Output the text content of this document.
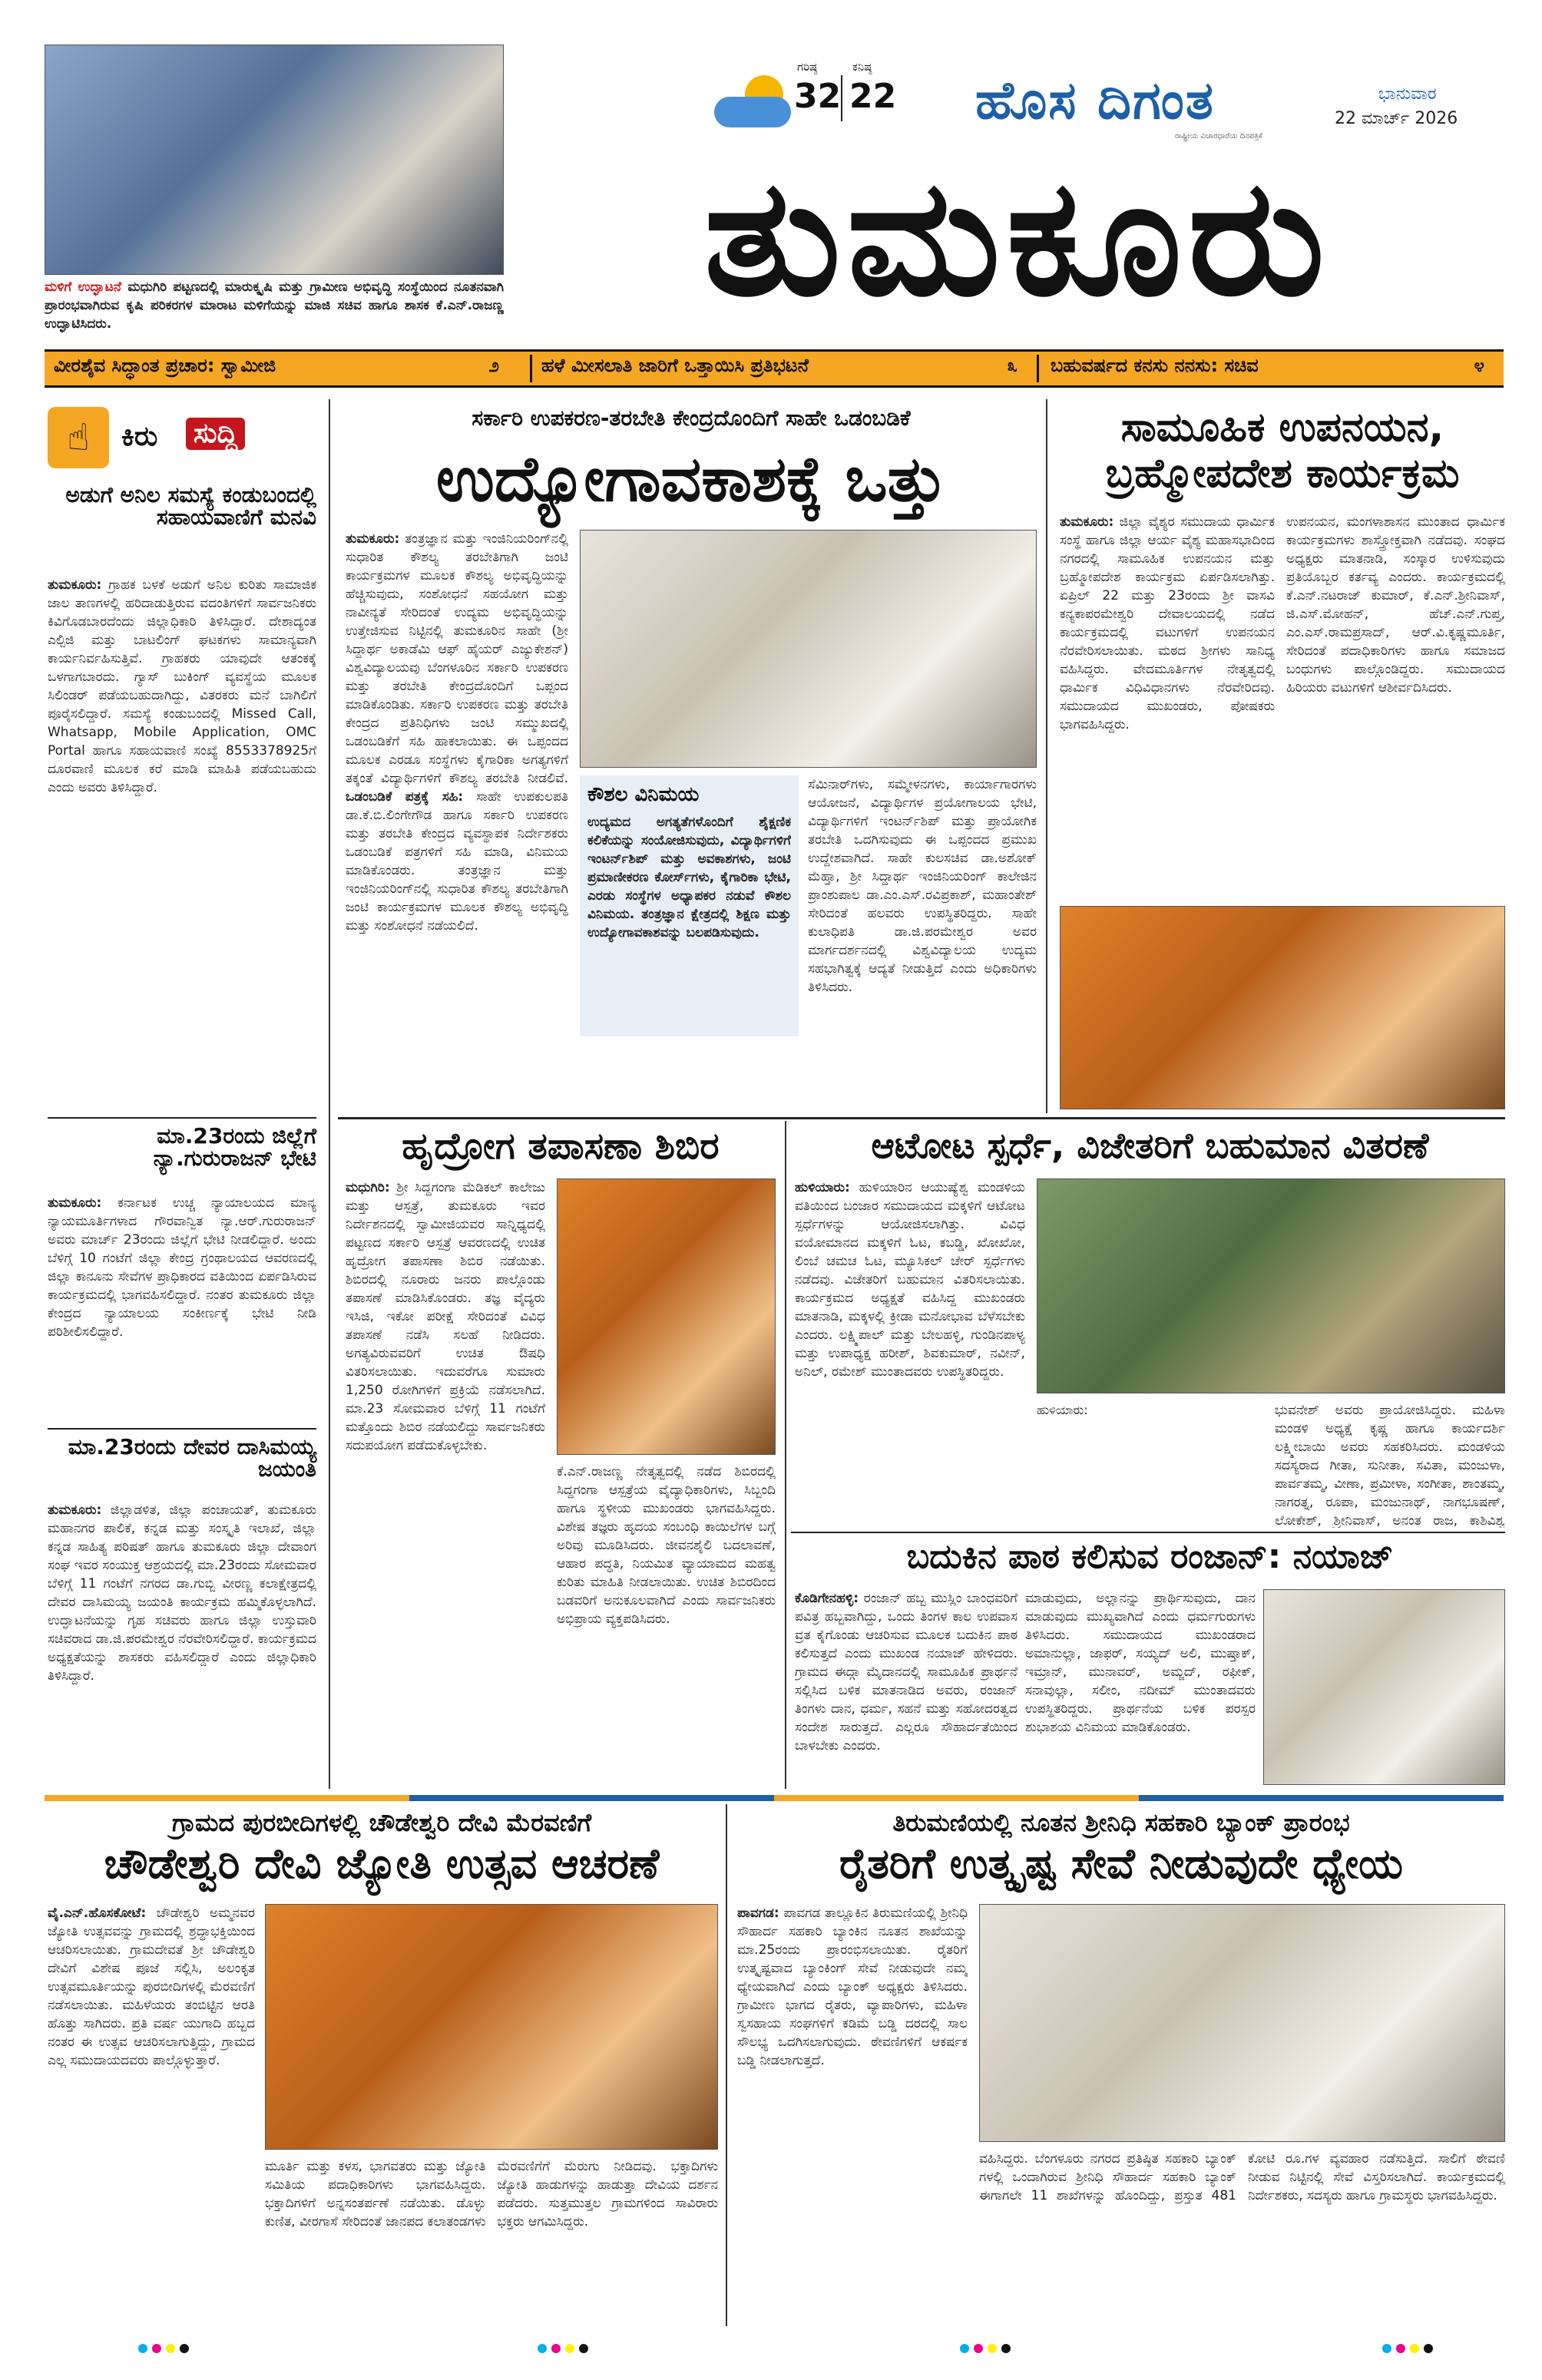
ಮಳಿಗೆ ಉದ್ಘಾಟನೆ ಮಧುಗಿರಿ ಪಟ್ಟಣದಲ್ಲಿ ಮಾರುಕ್ಕೃಷಿ ಮತ್ತು ಗ್ರಾಮೀಣ ಅಭಿವೃದ್ಧಿ ಸಂಸ್ಥೆಯಿಂದ ನೂತನವಾಗಿ ಪ್ರಾರಂಭವಾಗಿರುವ ಕೃಷಿ ಪರಿಕರಗಳ ಮಾರಾಟ ಮಳಿಗೆಯನ್ನು ಮಾಜಿ ಸಚಿವ ಹಾಗೂ ಶಾಸಕ ಕೆ.ಎನ್.ರಾಜಣ್ಣ ಉದ್ಘಾಟಿಸಿದರು.
ಗರಿಷ್ಠ
32
ಕನಿಷ್ಠ
22 ಹೊಸ ದಿಗಂತ
ರಾಷ್ಟ್ರೀಯ ವಿಚಾರಧಾರೆಯ ದಿನಪತ್ರಿಕೆ
ಭಾನುವಾರ
22 ಮಾರ್ಚ್ 2026
ತುಮಕೂರು
ವೀರಶೈವ ಸಿದ್ಧಾಂತ ಪ್ರಚಾರ: ಸ್ವಾಮೀಜಿ	೨ ಹಳೆ ಮೀಸಲಾತಿ ಜಾರಿಗೆ ಒತ್ತಾಯಿಸಿ ಪ್ರತಿಭಟನೆ	೩ ಬಹುವರ್ಷದ ಕನಸು ನನಸು: ಸಚಿವ	೪
☝	ಕಿರು ಸುದ್ದಿ
ಅಡುಗೆ ಅನಿಲ ಸಮಸ್ಯೆ ಕಂಡುಬಂದಲ್ಲಿ ಸಹಾಯವಾಣಿಗೆ ಮನವಿ
ತುಮಕೂರು: ಗ್ರಾಹಕ ಬಳಕೆ ಅಡುಗೆ ಅನಿಲ ಕುರಿತು ಸಾಮಾಜಿಕ ಜಾಲ ತಾಣಗಳಲ್ಲಿ ಹರಿದಾಡುತ್ತಿರುವ ವದಂತಿಗಳಿಗೆ ಸಾರ್ವಜನಿಕರು ಕಿವಿಗೊಡಬಾರದೆಂದು ಜಿಲ್ಲಾಧಿಕಾರಿ ತಿಳಿಸಿದ್ದಾರೆ. ದೇಶಾದ್ಯಂತ ಎಲ್ಪಿಜಿ ಮತ್ತು ಬಾಟಲಿಂಗ್ ಘಟಕಗಳು ಸಾಮಾನ್ಯವಾಗಿ ಕಾರ್ಯನಿರ್ವಹಿಸುತ್ತಿವೆ. ಗ್ರಾಹಕರು ಯಾವುದೇ ಆತಂಕಕ್ಕೆ ಒಳಗಾಗಬಾರದು. ಗ್ಯಾಸ್ ಬುಕಿಂಗ್ ವ್ಯವಸ್ಥೆಯ ಮೂಲಕ ಸಿಲಿಂಡರ್ ಪಡೆಯಬಹುದಾಗಿದ್ದು, ವಿತರಕರು ಮನೆ ಬಾಗಿಲಿಗೆ ಪೂರೈಸಲಿದ್ದಾರೆ. ಸಮಸ್ಯೆ ಕಂಡುಬಂದಲ್ಲಿ Missed Call, Whatsapp, Mobile Application, OMC Portal ಹಾಗೂ ಸಹಾಯವಾಣಿ ಸಂಖ್ಯೆ 8553378925ಗೆ ದೂರವಾಣಿ ಮೂಲಕ ಕರೆ ಮಾಡಿ ಮಾಹಿತಿ ಪಡೆಯಬಹುದು ಎಂದು ಅವರು ತಿಳಿಸಿದ್ದಾರೆ.
ಮಾ.23ರಂದು ಜಿಲ್ಲೆಗೆ ನ್ಯಾ.ಗುರುರಾಜನ್ ಭೇಟಿ
ತುಮಕೂರು: ಕರ್ನಾಟಕ ಉಚ್ಚ ನ್ಯಾಯಾಲಯದ ಮಾನ್ಯ ನ್ಯಾಯಮೂರ್ತಿಗಳಾದ ಗೌರವಾನ್ವಿತ ನ್ಯಾ.ಆರ್.ಗುರುರಾಜನ್ ಅವರು ಮಾರ್ಚ್ 23ರಂದು ಜಿಲ್ಲೆಗೆ ಭೇಟಿ ನೀಡಲಿದ್ದಾರೆ. ಅಂದು ಬೆಳಿಗ್ಗೆ 10 ಗಂಟೆಗೆ ಜಿಲ್ಲಾ ಕೇಂದ್ರ ಗ್ರಂಥಾಲಯದ ಆವರಣದಲ್ಲಿ ಜಿಲ್ಲಾ ಕಾನೂನು ಸೇವೆಗಳ ಪ್ರಾಧಿಕಾರದ ವತಿಯಿಂದ ಏರ್ಪಡಿಸಿರುವ ಕಾರ್ಯಕ್ರಮದಲ್ಲಿ ಭಾಗವಹಿಸಲಿದ್ದಾರೆ. ನಂತರ ತುಮಕೂರು ಜಿಲ್ಲಾ ಕೇಂದ್ರದ ನ್ಯಾಯಾಲಯ ಸಂಕೀರ್ಣಕ್ಕೆ ಭೇಟಿ ನೀಡಿ ಪರಿಶೀಲಿಸಲಿದ್ದಾರೆ.
ಮಾ.23ರಂದು ದೇವರ ದಾಸಿಮಯ್ಯ ಜಯಂತಿ
ತುಮಕೂರು: ಜಿಲ್ಲಾಡಳಿತ, ಜಿಲ್ಲಾ ಪಂಚಾಯತ್, ತುಮಕೂರು ಮಹಾನಗರ ಪಾಲಿಕೆ, ಕನ್ನಡ ಮತ್ತು ಸಂಸ್ಕೃತಿ ಇಲಾಖೆ, ಜಿಲ್ಲಾ ಕನ್ನಡ ಸಾಹಿತ್ಯ ಪರಿಷತ್ ಹಾಗೂ ತುಮಕೂರು ಜಿಲ್ಲಾ ದೇವಾಂಗ ಸಂಘ ಇವರ ಸಂಯುಕ್ತ ಆಶ್ರಯದಲ್ಲಿ ಮಾ.23ರಂದು ಸೋಮವಾರ ಬೆಳಿಗ್ಗೆ 11 ಗಂಟೆಗೆ ನಗರದ ಡಾ.ಗುಬ್ಬಿ ವೀರಣ್ಣ ಕಲಾಕ್ಷೇತ್ರದಲ್ಲಿ ದೇವರ ದಾಸಿಮಯ್ಯ ಜಯಂತಿ ಕಾರ್ಯಕ್ರಮ ಹಮ್ಮಿಕೊಳ್ಳಲಾಗಿದೆ. ಉದ್ಘಾಟನೆಯನ್ನು ಗೃಹ ಸಚಿವರು ಹಾಗೂ ಜಿಲ್ಲಾ ಉಸ್ತುವಾರಿ ಸಚಿವರಾದ ಡಾ.ಜಿ.ಪರಮೇಶ್ವರ ನೆರವೇರಿಸಲಿದ್ದಾರೆ. ಕಾರ್ಯಕ್ರಮದ ಅಧ್ಯಕ್ಷತೆಯನ್ನು ಶಾಸಕರು ವಹಿಸಲಿದ್ದಾರೆ ಎಂದು ಜಿಲ್ಲಾಧಿಕಾರಿ ತಿಳಿಸಿದ್ದಾರೆ.
ಸರ್ಕಾರಿ ಉಪಕರಣ-ತರಬೇತಿ ಕೇಂದ್ರದೊಂದಿಗೆ ಸಾಹೇ ಒಡಂಬಡಿಕೆ
ಉದ್ಯೋಗಾವಕಾಶಕ್ಕೆ ಒತ್ತು
ತುಮಕೂರು: ತಂತ್ರಜ್ಞಾನ ಮತ್ತು ಇಂಜಿನಿಯರಿಂಗ್‌ನಲ್ಲಿ ಸುಧಾರಿತ ಕೌಶಲ್ಯ ತರಬೇತಿಗಾಗಿ ಜಂಟಿ ಕಾರ್ಯಕ್ರಮಗಳ ಮೂಲಕ ಕೌಶಲ್ಯ ಅಭಿವೃದ್ಧಿಯನ್ನು ಹೆಚ್ಚಿಸುವುದು, ಸಂಶೋಧನೆ ಸಹಯೋಗ ಮತ್ತು ನಾವೀನ್ಯತೆ ಸೇರಿದಂತೆ ಉದ್ಯಮ ಅಭಿವೃದ್ಧಿಯನ್ನು ಉತ್ತೇಜಿಸುವ ನಿಟ್ಟಿನಲ್ಲಿ ತುಮಕೂರಿನ ಸಾಹೇ (ಶ್ರೀ ಸಿದ್ದಾರ್ಥ ಅಕಾಡೆಮಿ ಆಫ್ ಹೈಯರ್ ಎಜ್ಯುಕೇಶನ್) ವಿಶ್ವವಿದ್ಯಾಲಯವು ಬೆಂಗಳೂರಿನ ಸರ್ಕಾರಿ ಉಪಕರಣ ಮತ್ತು ತರಬೇತಿ ಕೇಂದ್ರದೊಂದಿಗೆ ಒಪ್ಪಂದ ಮಾಡಿಕೊಂಡಿತು. ಸರ್ಕಾರಿ ಉಪಕರಣ ಮತ್ತು ತರಬೇತಿ ಕೇಂದ್ರದ ಪ್ರತಿನಿಧಿಗಳು ಜಂಟಿ ಸಮ್ಮುಖದಲ್ಲಿ ಒಡಂಬಡಿಕೆಗೆ ಸಹಿ ಹಾಕಲಾಯಿತು. ಈ ಒಪ್ಪಂದದ ಮೂಲಕ ಎರಡೂ ಸಂಸ್ಥೆಗಳು ಕೈಗಾರಿಕಾ ಅಗತ್ಯಗಳಿಗೆ ತಕ್ಕಂತೆ ವಿದ್ಯಾರ್ಥಿಗಳಿಗೆ ಕೌಶಲ್ಯ ತರಬೇತಿ ನೀಡಲಿವೆ. ಒಡಂಬಡಿಕೆ ಪತ್ರಕ್ಕೆ ಸಹಿ: ಸಾಹೇ ಉಪಕುಲಪತಿ ಡಾ.ಕೆ.ಬಿ.ಲಿಂಗೇಗೌಡ ಹಾಗೂ ಸರ್ಕಾರಿ ಉಪಕರಣ ಮತ್ತು ತರಬೇತಿ ಕೇಂದ್ರದ ವ್ಯವಸ್ಥಾಪಕ ನಿರ್ದೇಶಕರು ಒಡಂಬಡಿಕೆ ಪತ್ರಗಳಿಗೆ ಸಹಿ ಮಾಡಿ, ವಿನಿಮಯ ಮಾಡಿಕೊಂಡರು. ತಂತ್ರಜ್ಞಾನ ಮತ್ತು ಇಂಜಿನಿಯರಿಂಗ್‌ನಲ್ಲಿ ಸುಧಾರಿತ ಕೌಶಲ್ಯ ತರಬೇತಿಗಾಗಿ ಜಂಟಿ ಕಾರ್ಯಕ್ರಮಗಳ ಮೂಲಕ ಕೌಶಲ್ಯ ಅಭಿವೃದ್ಧಿ ಮತ್ತು ಸಂಶೋಧನೆ ನಡೆಯಲಿದೆ.
ಕೌಶಲ ವಿನಿಮಯ
ಉದ್ಯಮದ ಅಗತ್ಯತೆಗಳೊಂದಿಗೆ ಶೈಕ್ಷಣಿಕ ಕಲಿಕೆಯನ್ನು ಸಂಯೋಜಿಸುವುದು, ವಿದ್ಯಾರ್ಥಿಗಳಿಗೆ ಇಂಟರ್ನ್‌ಶಿಪ್ ಮತ್ತು ಅವಕಾಶಗಳು, ಜಂಟಿ ಪ್ರಮಾಣೀಕರಣ ಕೋರ್ಸ್‌ಗಳು, ಕೈಗಾರಿಕಾ ಭೇಟಿ, ಎರಡು ಸಂಸ್ಥೆಗಳ ಅಧ್ಯಾಪಕರ ನಡುವೆ ಕೌಶಲ ವಿನಿಮಯ. ತಂತ್ರಜ್ಞಾನ ಕ್ಷೇತ್ರದಲ್ಲಿ ಶಿಕ್ಷಣ ಮತ್ತು ಉದ್ಯೋಗಾವಕಾಶವನ್ನು ಬಲಪಡಿಸುವುದು.
ಸೆಮಿನಾರ್‌ಗಳು, ಸಮ್ಮೇಳನಗಳು, ಕಾರ್ಯಾಗಾರಗಳು ಆಯೋಜನೆ, ವಿದ್ಯಾರ್ಥಿಗಳ ಪ್ರಯೋಗಾಲಯ ಭೇಟಿ, ವಿದ್ಯಾರ್ಥಿಗಳಿಗೆ ಇಂಟರ್ನ್‌ಶಿಪ್ ಮತ್ತು ಪ್ರಾಯೋಗಿಕ ತರಬೇತಿ ಒದಗಿಸುವುದು ಈ ಒಪ್ಪಂದದ ಪ್ರಮುಖ ಉದ್ದೇಶವಾಗಿದೆ. ಸಾಹೇ ಕುಲಸಚಿವ ಡಾ.ಅಶೋಕ್ ಮೆಹ್ತಾ, ಶ್ರೀ ಸಿದ್ದಾರ್ಥ ಇಂಜಿನಿಯರಿಂಗ್ ಕಾಲೇಜಿನ ಪ್ರಾಂಶುಪಾಲ ಡಾ.ಎಂ.ಎಸ್.ರವಿಪ್ರಕಾಶ್, ಮಹಾಂತೇಶ್ ಸೇರಿದಂತೆ ಹಲವರು ಉಪಸ್ಥಿತರಿದ್ದರು. ಸಾಹೇ ಕುಲಾಧಿಪತಿ ಡಾ.ಜಿ.ಪರಮೇಶ್ವರ ಅವರ ಮಾರ್ಗದರ್ಶನದಲ್ಲಿ ವಿಶ್ವವಿದ್ಯಾಲಯ ಉದ್ಯಮ ಸಹಭಾಗಿತ್ವಕ್ಕೆ ಆದ್ಯತೆ ನೀಡುತ್ತಿದೆ ಎಂದು ಅಧಿಕಾರಿಗಳು ತಿಳಿಸಿದರು.
ಸಾಮೂಹಿಕ ಉಪನಯನ,
ಬ್ರಹ್ಮೋಪದೇಶ ಕಾರ್ಯಕ್ರಮ
ತುಮಕೂರು: ಜಿಲ್ಲಾ ವೈಶ್ಯರ ಸಮುದಾಯ ಧಾರ್ಮಿಕ ಸಂಸ್ಥೆ ಹಾಗೂ ಜಿಲ್ಲಾ ಆರ್ಯ ವೈಶ್ಯ ಮಹಾಸಭಾದಿಂದ ನಗರದಲ್ಲಿ ಸಾಮೂಹಿಕ ಉಪನಯನ ಮತ್ತು ಬ್ರಹ್ಮೋಪದೇಶ ಕಾರ್ಯಕ್ರಮ ಏರ್ಪಡಿಸಲಾಗಿತ್ತು. ಏಪ್ರಿಲ್ 22 ಮತ್ತು 23ರಂದು ಶ್ರೀ ವಾಸವಿ ಕನ್ಯಕಾಪರಮೇಶ್ವರಿ ದೇವಾಲಯದಲ್ಲಿ ನಡೆದ ಕಾರ್ಯಕ್ರಮದಲ್ಲಿ ವಟುಗಳಿಗೆ ಉಪನಯನ ನೆರವೇರಿಸಲಾಯಿತು. ಮಠದ ಶ್ರೀಗಳು ಸಾನಿಧ್ಯ ವಹಿಸಿದ್ದರು. ವೇದಮೂರ್ತಿಗಳ ನೇತೃತ್ವದಲ್ಲಿ ಧಾರ್ಮಿಕ ವಿಧಿವಿಧಾನಗಳು ನೆರವೇರಿದವು. ಸಮುದಾಯದ ಮುಖಂಡರು, ಪೋಷಕರು ಭಾಗವಹಿಸಿದ್ದರು.
ಉಪನಯನ, ಮಂಗಳಾಶಾಸನ ಮುಂತಾದ ಧಾರ್ಮಿಕ ಕಾರ್ಯಕ್ರಮಗಳು ಶಾಸ್ತ್ರೋಕ್ತವಾಗಿ ನಡೆದವು. ಸಂಘದ ಅಧ್ಯಕ್ಷರು ಮಾತನಾಡಿ, ಸಂಸ್ಕಾರ ಉಳಿಸುವುದು ಪ್ರತಿಯೊಬ್ಬರ ಕರ್ತವ್ಯ ಎಂದರು. ಕಾರ್ಯಕ್ರಮದಲ್ಲಿ ಕೆ.ಎನ್.ನಟರಾಜ್ ಕುಮಾರ್, ಕೆ.ಎನ್.ಶ್ರೀನಿವಾಸ್, ಜಿ.ಎಸ್.ಮೋಹನ್, ಹೆಚ್.ಎನ್.ಗುಪ್ತ, ಎಂ.ಎಸ್.ರಾಮಪ್ರಸಾದ್, ಆರ್.ವಿ.ಕೃಷ್ಣಮೂರ್ತಿ, ಸೇರಿದಂತೆ ಪದಾಧಿಕಾರಿಗಳು ಹಾಗೂ ಸಮಾಜದ ಬಂಧುಗಳು ಪಾಲ್ಗೊಂಡಿದ್ದರು. ಸಮುದಾಯದ ಹಿರಿಯರು ವಟುಗಳಿಗೆ ಆಶೀರ್ವದಿಸಿದರು.
ಹೃದ್ರೋಗ ತಪಾಸಣಾ ಶಿಬಿರ
ಮಧುಗಿರಿ: ಶ್ರೀ ಸಿದ್ದಗಂಗಾ ಮೆಡಿಕಲ್ ಕಾಲೇಜು ಮತ್ತು ಆಸ್ಪತ್ರೆ, ತುಮಕೂರು ಇವರ ನಿರ್ದೇಶನದಲ್ಲಿ ಸ್ವಾಮೀಜಿಯವರ ಸಾನ್ನಿಧ್ಯದಲ್ಲಿ ಪಟ್ಟಣದ ಸರ್ಕಾರಿ ಆಸ್ಪತ್ರೆ ಆವರಣದಲ್ಲಿ ಉಚಿತ ಹೃದ್ರೋಗ ತಪಾಸಣಾ ಶಿಬಿರ ನಡೆಯಿತು. ಶಿಬಿರದಲ್ಲಿ ನೂರಾರು ಜನರು ಪಾಲ್ಗೊಂಡು ತಪಾಸಣೆ ಮಾಡಿಸಿಕೊಂಡರು. ತಜ್ಞ ವೈದ್ಯರು ಇಸಿಜಿ, ಇಕೋ ಪರೀಕ್ಷೆ ಸೇರಿದಂತೆ ವಿವಿಧ ತಪಾಸಣೆ ನಡೆಸಿ ಸಲಹೆ ನೀಡಿದರು. ಅಗತ್ಯವಿರುವವರಿಗೆ ಉಚಿತ ಔಷಧಿ ವಿತರಿಸಲಾಯಿತು. ಇದುವರೆಗೂ ಸುಮಾರು 1,250 ರೋಗಿಗಳಿಗೆ ಪ್ರಕ್ರಿಯೆ ನಡೆಸಲಾಗಿದೆ. ಮಾ.23 ಸೋಮವಾರ ಬೆಳಿಗ್ಗೆ 11 ಗಂಟೆಗೆ ಮತ್ತೊಂದು ಶಿಬಿರ ನಡೆಯಲಿದ್ದು ಸಾರ್ವಜನಿಕರು ಸದುಪಯೋಗ ಪಡೆದುಕೊಳ್ಳಬೇಕು.
ಕೆ.ಎನ್.ರಾಜಣ್ಣ ನೇತೃತ್ವದಲ್ಲಿ ನಡೆದ ಶಿಬಿರದಲ್ಲಿ ಸಿದ್ದಗಂಗಾ ಆಸ್ಪತ್ರೆಯ ವೈದ್ಯಾಧಿಕಾರಿಗಳು, ಸಿಬ್ಬಂದಿ ಹಾಗೂ ಸ್ಥಳೀಯ ಮುಖಂಡರು ಭಾಗವಹಿಸಿದ್ದರು. ವಿಶೇಷ ತಜ್ಞರು ಹೃದಯ ಸಂಬಂಧಿ ಕಾಯಿಲೆಗಳ ಬಗ್ಗೆ ಅರಿವು ಮೂಡಿಸಿದರು. ಜೀವನಶೈಲಿ ಬದಲಾವಣೆ, ಆಹಾರ ಪದ್ಧತಿ, ನಿಯಮಿತ ವ್ಯಾಯಾಮದ ಮಹತ್ವ ಕುರಿತು ಮಾಹಿತಿ ನೀಡಲಾಯಿತು. ಉಚಿತ ಶಿಬಿರದಿಂದ ಬಡವರಿಗೆ ಅನುಕೂಲವಾಗಿದೆ ಎಂದು ಸಾರ್ವಜನಿಕರು ಅಭಿಪ್ರಾಯ ವ್ಯಕ್ತಪಡಿಸಿದರು.
ಆಟೋಟ ಸ್ಪರ್ಧೆ, ವಿಜೇತರಿಗೆ ಬಹುಮಾನ ವಿತರಣೆ
ಹುಳಿಯಾರು: ಹುಳಿಯಾರಿನ ಆಯುಷ್ಯೆಶ್ವ ಮಂಡಳಿಯ ವತಿಯಿಂದ ಬಂಜಾರ ಸಮುದಾಯದ ಮಕ್ಕಳಿಗೆ ಆಟೋಟ ಸ್ಪರ್ಧೆಗಳನ್ನು ಆಯೋಜಿಸಲಾಗಿತ್ತು. ವಿವಿಧ ವಯೋಮಾನದ ಮಕ್ಕಳಿಗೆ ಓಟ, ಕಬಡ್ಡಿ, ಖೋಖೋ, ಲಿಂಬೆ ಚಮಚ ಓಟ, ಮ್ಯೂಸಿಕಲ್ ಚೇರ್ ಸ್ಪರ್ಧೆಗಳು ನಡೆದವು. ವಿಜೇತರಿಗೆ ಬಹುಮಾನ ವಿತರಿಸಲಾಯಿತು. ಕಾರ್ಯಕ್ರಮದ ಅಧ್ಯಕ್ಷತೆ ವಹಿಸಿದ್ದ ಮುಖಂಡರು ಮಾತನಾಡಿ, ಮಕ್ಕಳಲ್ಲಿ ಕ್ರೀಡಾ ಮನೋಭಾವ ಬೆಳೆಸಬೇಕು ಎಂದರು. ಲಕ್ಷ್ಮಿಪಾಲ್ ಮತ್ತು ಬೇಲಹಳ್ಳಿ, ಗುಂಡಿನಪಾಳ್ಯ ಮತ್ತು ಉಪಾಧ್ಯಕ್ಷ ಹರೀಶ್, ಶಿವಕುಮಾರ್, ನವೀನ್, ಅನಿಲ್, ರಮೇಶ್ ಮುಂತಾದವರು ಉಪಸ್ಥಿತರಿದ್ದರು.
ಭುವನೇಶ್ ಅವರು ಪ್ರಾಯೋಜಿಸಿದ್ದರು. ಮಹಿಳಾ ಮಂಡಳಿ ಅಧ್ಯಕ್ಷೆ ಕೃಷ್ಣ ಹಾಗೂ ಕಾರ್ಯದರ್ಶಿ ಲಕ್ಷ್ಮೀಬಾಯಿ ಅವರು ಸಹಕರಿಸಿದರು. ಮಂಡಳಿಯ ಸದಸ್ಯರಾದ ಗೀತಾ, ಸುನೀತಾ, ಸವಿತಾ, ಮಂಜುಳಾ, ಪಾರ್ವತಮ್ಮ, ವೀಣಾ, ಪ್ರಮೀಳಾ, ಸಂಗೀತಾ, ಶಾಂತಮ್ಮ, ನಾಗರತ್ನ, ರೂಪಾ, ಮಂಜುನಾಥ್, ನಾಗಭೂಷಣ್, ಲೋಕೇಶ್, ಶ್ರೀನಿವಾಸ್, ಅನಂತ ರಾಜ, ಕಾಶಿವಿಶ್ವ
ಹುಳಿಯಾರು:
ಬದುಕಿನ ಪಾಠ ಕಲಿಸುವ ರಂಜಾನ್: ನಯಾಜ್
ಕೊಡಿಗೇನಹಳ್ಳಿ: ರಂಜಾನ್ ಹಬ್ಬ ಮುಸ್ಲಿಂ ಬಾಂಧವರಿಗೆ ಪವಿತ್ರ ಹಬ್ಬವಾಗಿದ್ದು, ಒಂದು ತಿಂಗಳ ಕಾಲ ಉಪವಾಸ ವ್ರತ ಕೈಗೊಂಡು ಆಚರಿಸುವ ಮೂಲಕ ಬದುಕಿನ ಪಾಠ ಕಲಿಸುತ್ತದೆ ಎಂದು ಮುಖಂಡ ನಯಾಜ್ ಹೇಳಿದರು. ಗ್ರಾಮದ ಈದ್ಗಾ ಮೈದಾನದಲ್ಲಿ ಸಾಮೂಹಿಕ ಪ್ರಾರ್ಥನೆ ಸಲ್ಲಿಸಿದ ಬಳಿಕ ಮಾತನಾಡಿದ ಅವರು, ರಂಜಾನ್ ತಿಂಗಳು ದಾನ, ಧರ್ಮ, ಸಹನೆ ಮತ್ತು ಸಹೋದರತ್ವದ ಸಂದೇಶ ಸಾರುತ್ತದೆ. ಎಲ್ಲರೂ ಸೌಹಾರ್ದತೆಯಿಂದ ಬಾಳಬೇಕು ಎಂದರು.
ಮಾಡುವುದು, ಅಲ್ಲಾನನ್ನು ಪ್ರಾರ್ಥಿಸುವುದು, ದಾನ ಮಾಡುವುದು ಮುಖ್ಯವಾಗಿದೆ ಎಂದು ಧರ್ಮಗುರುಗಳು ತಿಳಿಸಿದರು. ಸಮುದಾಯದ ಮುಖಂಡರಾದ ಅಮಾನುಲ್ಲಾ, ಜಾಫರ್, ಸಯ್ಯದ್ ಅಲಿ, ಮುಷ್ತಾಕ್, ಇಮ್ರಾನ್, ಮುನಾವರ್, ಅಮ್ಜದ್, ರಫೀಕ್, ಸನಾವುಲ್ಲಾ, ಸಲೀಂ, ನದೀಮ್ ಮುಂತಾದವರು ಉಪಸ್ಥಿತರಿದ್ದರು. ಪ್ರಾರ್ಥನೆಯ ಬಳಿಕ ಪರಸ್ಪರ ಶುಭಾಶಯ ವಿನಿಮಯ ಮಾಡಿಕೊಂಡರು.
ಗ್ರಾಮದ ಪುರಬೀದಿಗಳಲ್ಲಿ ಚೌಡೇಶ್ವರಿ ದೇವಿ ಮೆರವಣಿಗೆ
ಚೌಡೇಶ್ವರಿ ದೇವಿ ಜ್ಯೋತಿ ಉತ್ಸವ ಆಚರಣೆ
ವೈ.ಎನ್.ಹೊಸಕೋಟೆ: ಚೌಡೇಶ್ವರಿ ಅಮ್ಮನವರ ಜ್ಯೋತಿ ಉತ್ಸವವನ್ನು ಗ್ರಾಮದಲ್ಲಿ ಶ್ರದ್ಧಾಭಕ್ತಿಯಿಂದ ಆಚರಿಸಲಾಯಿತು. ಗ್ರಾಮದೇವತೆ ಶ್ರೀ ಚೌಡೇಶ್ವರಿ ದೇವಿಗೆ ವಿಶೇಷ ಪೂಜೆ ಸಲ್ಲಿಸಿ, ಅಲಂಕೃತ ಉತ್ಸವಮೂರ್ತಿಯನ್ನು ಪುರಬೀದಿಗಳಲ್ಲಿ ಮೆರವಣಿಗೆ ನಡೆಸಲಾಯಿತು. ಮಹಿಳೆಯರು ತಂಬಿಟ್ಟಿನ ಆರತಿ ಹೊತ್ತು ಸಾಗಿದರು. ಪ್ರತಿ ವರ್ಷ ಯುಗಾದಿ ಹಬ್ಬದ ನಂತರ ಈ ಉತ್ಸವ ಆಚರಿಸಲಾಗುತ್ತಿದ್ದು, ಗ್ರಾಮದ ಎಲ್ಲ ಸಮುದಾಯದವರು ಪಾಲ್ಗೊಳ್ಳುತ್ತಾರೆ.
ಮೂರ್ತಿ ಮತ್ತು ಕಳಸ, ಭಾಗವತರು ಮತ್ತು ಜ್ಯೋತಿ ಸಮಿತಿಯ ಪದಾಧಿಕಾರಿಗಳು ಭಾಗವಹಿಸಿದ್ದರು. ಭಕ್ತಾದಿಗಳಿಗೆ ಅನ್ನಸಂತರ್ಪಣೆ ನಡೆಯಿತು. ಡೊಳ್ಳು ಕುಣಿತ, ವೀರಗಾಸೆ ಸೇರಿದಂತೆ ಜಾನಪದ ಕಲಾತಂಡಗಳು ಮೆರವಣಿಗೆಗೆ ಮೆರುಗು ನೀಡಿದವು. ಭಕ್ತಾದಿಗಳು ಜ್ಯೋತಿ ಹಾಡುಗಳನ್ನು ಹಾಡುತ್ತಾ ದೇವಿಯ ದರ್ಶನ ಪಡೆದರು. ಸುತ್ತಮುತ್ತಲ ಗ್ರಾಮಗಳಿಂದ ಸಾವಿರಾರು ಭಕ್ತರು ಆಗಮಿಸಿದ್ದರು.
ತಿರುಮಣಿಯಲ್ಲಿ ನೂತನ ಶ್ರೀನಿಧಿ ಸಹಕಾರಿ ಬ್ಯಾಂಕ್ ಪ್ರಾರಂಭ
ರೈತರಿಗೆ ಉತ್ಕೃಷ್ಟ ಸೇವೆ ನೀಡುವುದೇ ಧ್ಯೇಯ
ಪಾವಗಡ: ಪಾವಗಡ ತಾಲ್ಲೂಕಿನ ತಿರುಮಣಿಯಲ್ಲಿ ಶ್ರೀನಿಧಿ ಸೌಹಾರ್ದ ಸಹಕಾರಿ ಬ್ಯಾಂಕಿನ ನೂತನ ಶಾಖೆಯನ್ನು ಮಾ.25ರಂದು ಪ್ರಾರಂಭಿಸಲಾಯಿತು. ರೈತರಿಗೆ ಉತ್ಕೃಷ್ಟವಾದ ಬ್ಯಾಂಕಿಂಗ್ ಸೇವೆ ನೀಡುವುದೇ ನಮ್ಮ ಧ್ಯೇಯವಾಗಿದೆ ಎಂದು ಬ್ಯಾಂಕ್ ಅಧ್ಯಕ್ಷರು ತಿಳಿಸಿದರು. ಗ್ರಾಮೀಣ ಭಾಗದ ರೈತರು, ವ್ಯಾಪಾರಿಗಳು, ಮಹಿಳಾ ಸ್ವಸಹಾಯ ಸಂಘಗಳಿಗೆ ಕಡಿಮೆ ಬಡ್ಡಿ ದರದಲ್ಲಿ ಸಾಲ ಸೌಲಭ್ಯ ಒದಗಿಸಲಾಗುವುದು. ಠೇವಣಿಗಳಿಗೆ ಆಕರ್ಷಕ ಬಡ್ಡಿ ನೀಡಲಾಗುತ್ತದೆ.
ವಹಿಸಿದ್ದರು. ಬೆಂಗಳೂರು ನಗರದ ಪ್ರತಿಷ್ಠಿತ ಸಹಕಾರಿ ಬ್ಯಾಂಕ್ ಗಳಲ್ಲಿ ಒಂದಾಗಿರುವ ಶ್ರೀನಿಧಿ ಸೌಹಾರ್ದ ಸಹಕಾರಿ ಬ್ಯಾಂಕ್ ಈಗಾಗಲೇ 11 ಶಾಖೆಗಳನ್ನು ಹೊಂದಿದ್ದು, ಪ್ರಸ್ತುತ 481 ಕೋಟಿ ರೂ.ಗಳ ವ್ಯವಹಾರ ನಡೆಸುತ್ತಿದೆ. ಸಾಲಿಗೆ ಠೇವಣಿ ನೀಡುವ ನಿಟ್ಟಿನಲ್ಲಿ ಸೇವೆ ವಿಸ್ತರಿಸಲಾಗಿದೆ. ಕಾರ್ಯಕ್ರಮದಲ್ಲಿ ನಿರ್ದೇಶಕರು, ಸದಸ್ಯರು ಹಾಗೂ ಗ್ರಾಮಸ್ಥರು ಭಾಗವಹಿಸಿದ್ದರು.
